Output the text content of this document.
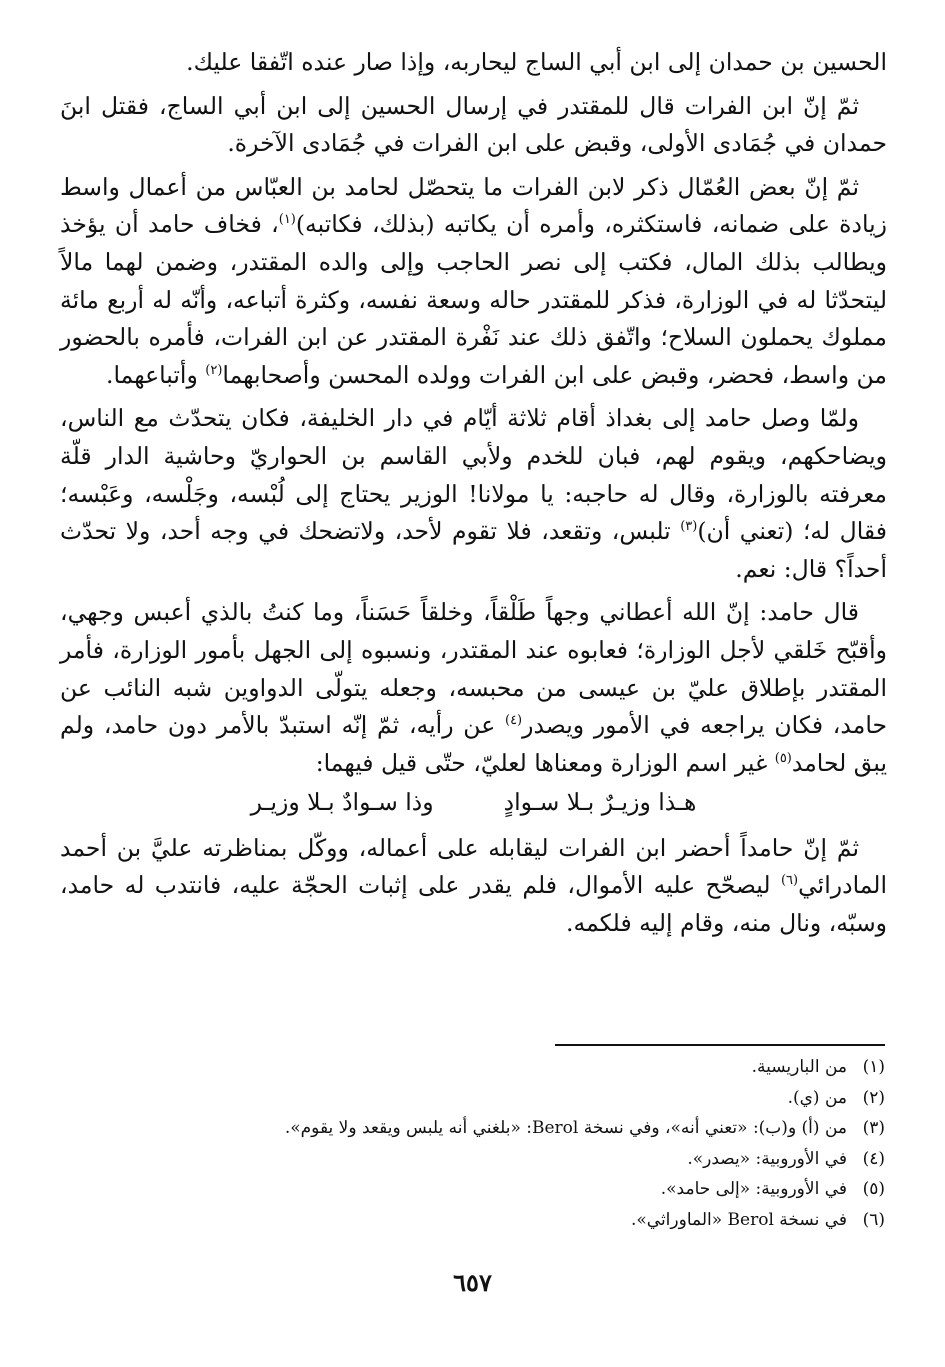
الحسين بن حمدان إلى ابن أبي الساج ليحاربه، وإذا صار عنده اتّفقا عليك.

ثمّ إنّ ابن الفرات قال للمقتدر في إرسال الحسين إلى ابن أبي الساج، فقتل ابنَ حمدان في جُمَادى الأولى، وقبض على ابن الفرات في جُمَادى الآخرة.

ثمّ إنّ بعض العُمّال ذكر لابن الفرات ما يتحصّل لحامد بن العبّاس من أعمال واسط زيادة على ضمانه، فاستكثره، وأمره أن يكاتبه (بذلك، فكاتبه)$^{(١)}$، فخاف حامد أن يؤخذ ويطالب بذلك المال، فكتب إلى نصر الحاجب وإلى والده المقتدر، وضمن لهما مالاً ليتحدّثا له في الوزارة، فذكر للمقتدر حاله وسعة نفسه، وكثرة أتباعه، وأنّه له أربع مائة مملوك يحملون السلاح؛ واتّفق ذلك عند نَفْرة المقتدر عن ابن الفرات، فأمره بالحضور من واسط، فحضر، وقبض على ابن الفرات وولده المحسن وأصحابهما$^{(٢)}$ وأتباعهما.

ولمّا وصل حامد إلى بغداذ أقام ثلاثة أيّام في دار الخليفة، فكان يتحدّث مع الناس، ويضاحكهم، ويقوم لهم، فبان للخدم ولأبي القاسم بن الحواريّ وحاشية الدار قلّة معرفته بالوزارة، وقال له حاجبه: يا مولانا! الوزير يحتاج إلى لُبْسه، وجَلْسه، وعَبْسه؛ فقال له؛ (تعني أن)$^{(٣)}$ تلبس، وتقعد، فلا تقوم لأحد، ولاتضحك في وجه أحد، ولا تحدّث أحداً؟ قال: نعم.

قال حامد: إنّ الله أعطاني وجهاً طَلْقاً، وخلقاً حَسَناً، وما كنتُ بالذي أعبس وجهي، وأقبّح خَلقي لأجل الوزارة؛ فعابوه عند المقتدر، ونسبوه إلى الجهل بأمور الوزارة، فأمر المقتدر بإطلاق عليّ بن عيسى من محبسه، وجعله يتولّى الدواوين شبه النائب عن حامد، فكان يراجعه في الأمور ويصدر$^{(٤)}$ عن رأيه، ثمّ إنّه استبدّ بالأمر دون حامد، ولم يبق لحامد$^{(٥)}$ غير اسم الوزارة ومعناها لعليّ، حتّى قيل فيهما:

هـذا وزيـرٌ بـلا سـوادٍ
وذا سـوادٌ بـلا وزيـر

ثمّ إنّ حامداً أحضر ابن الفرات ليقابله على أعماله، ووكّل بمناظرته عليَّ بن أحمد المادرائي$^{(٦)}$ ليصحّح عليه الأموال، فلم يقدر على إثبات الحجّة عليه، فانتدب له حامد، وسبّه، ونال منه، وقام إليه فلكمه.

(١)
من الباريسية.
(٢)
من (ي).
(٣)
من (أ) و(ب): «تعني أنه»، وفي نسخة Berol: «بلغني أنه يلبس ويقعد ولا يقوم».
(٤)
في الأوروبية: «يصدر».
(٥)
في الأوروبية: «إلى حامد».
(٦)
في نسخة Berol «الماوراثي».
٦٥٧
